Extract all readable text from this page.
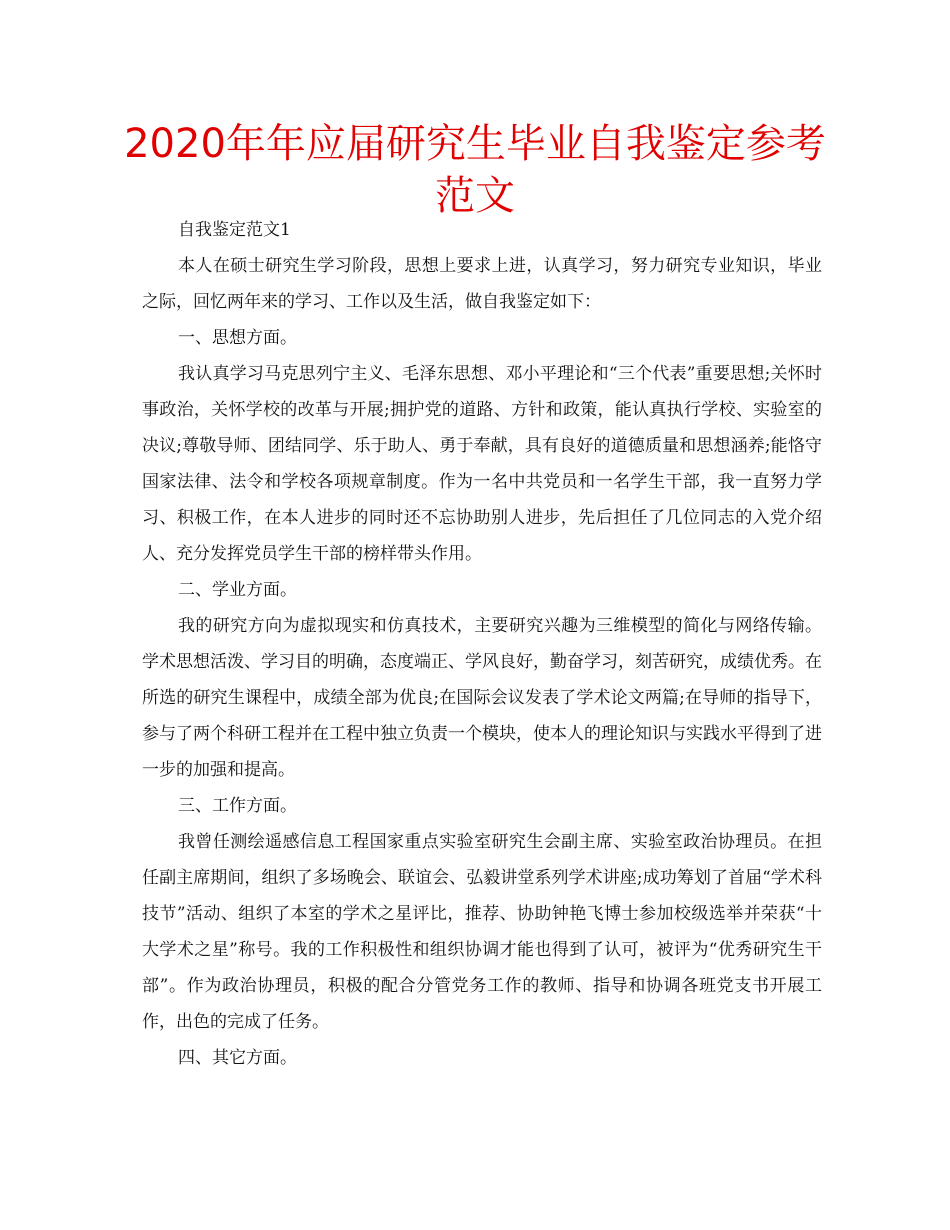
2020年年应届研究生毕业自我鉴定参考范文

自我鉴定范文1

本人在硕士研究生学习阶段，思想上要求上进，认真学习，努力研究专业知识，毕业之际，回忆两年来的学习、工作以及生活，做自我鉴定如下：

一、思想方面。

我认真学习马克思列宁主义、毛泽东思想、邓小平理论和“三个代表”重要思想;关怀时事政治，关怀学校的改革与开展;拥护党的道路、方针和政策，能认真执行学校、实验室的决议;尊敬导师、团结同学、乐于助人、勇于奉献，具有良好的道德质量和思想涵养;能恪守国家法律、法令和学校各项规章制度。作为一名中共党员和一名学生干部，我一直努力学习、积极工作，在本人进步的同时还不忘协助别人进步，先后担任了几位同志的入党介绍人、充分发挥党员学生干部的榜样带头作用。

二、学业方面。

我的研究方向为虚拟现实和仿真技术，主要研究兴趣为三维模型的简化与网络传输。学术思想活泼、学习目的明确，态度端正、学风良好，勤奋学习，刻苦研究，成绩优秀。在所选的研究生课程中，成绩全部为优良;在国际会议发表了学术论文两篇;在导师的指导下，参与了两个科研工程并在工程中独立负责一个模块，使本人的理论知识与实践水平得到了进一步的加强和提高。

三、工作方面。

我曾任测绘遥感信息工程国家重点实验室研究生会副主席、实验室政治协理员。在担任副主席期间，组织了多场晚会、联谊会、弘毅讲堂系列学术讲座;成功筹划了首届“学术科技节”活动、组织了本室的学术之星评比，推荐、协助钟艳飞博士参加校级选举并荣获“十大学术之星”称号。我的工作积极性和组织协调才能也得到了认可，被评为“优秀研究生干部”。作为政治协理员，积极的配合分管党务工作的教师、指导和协调各班党支书开展工作，出色的完成了任务。

四、其它方面。
